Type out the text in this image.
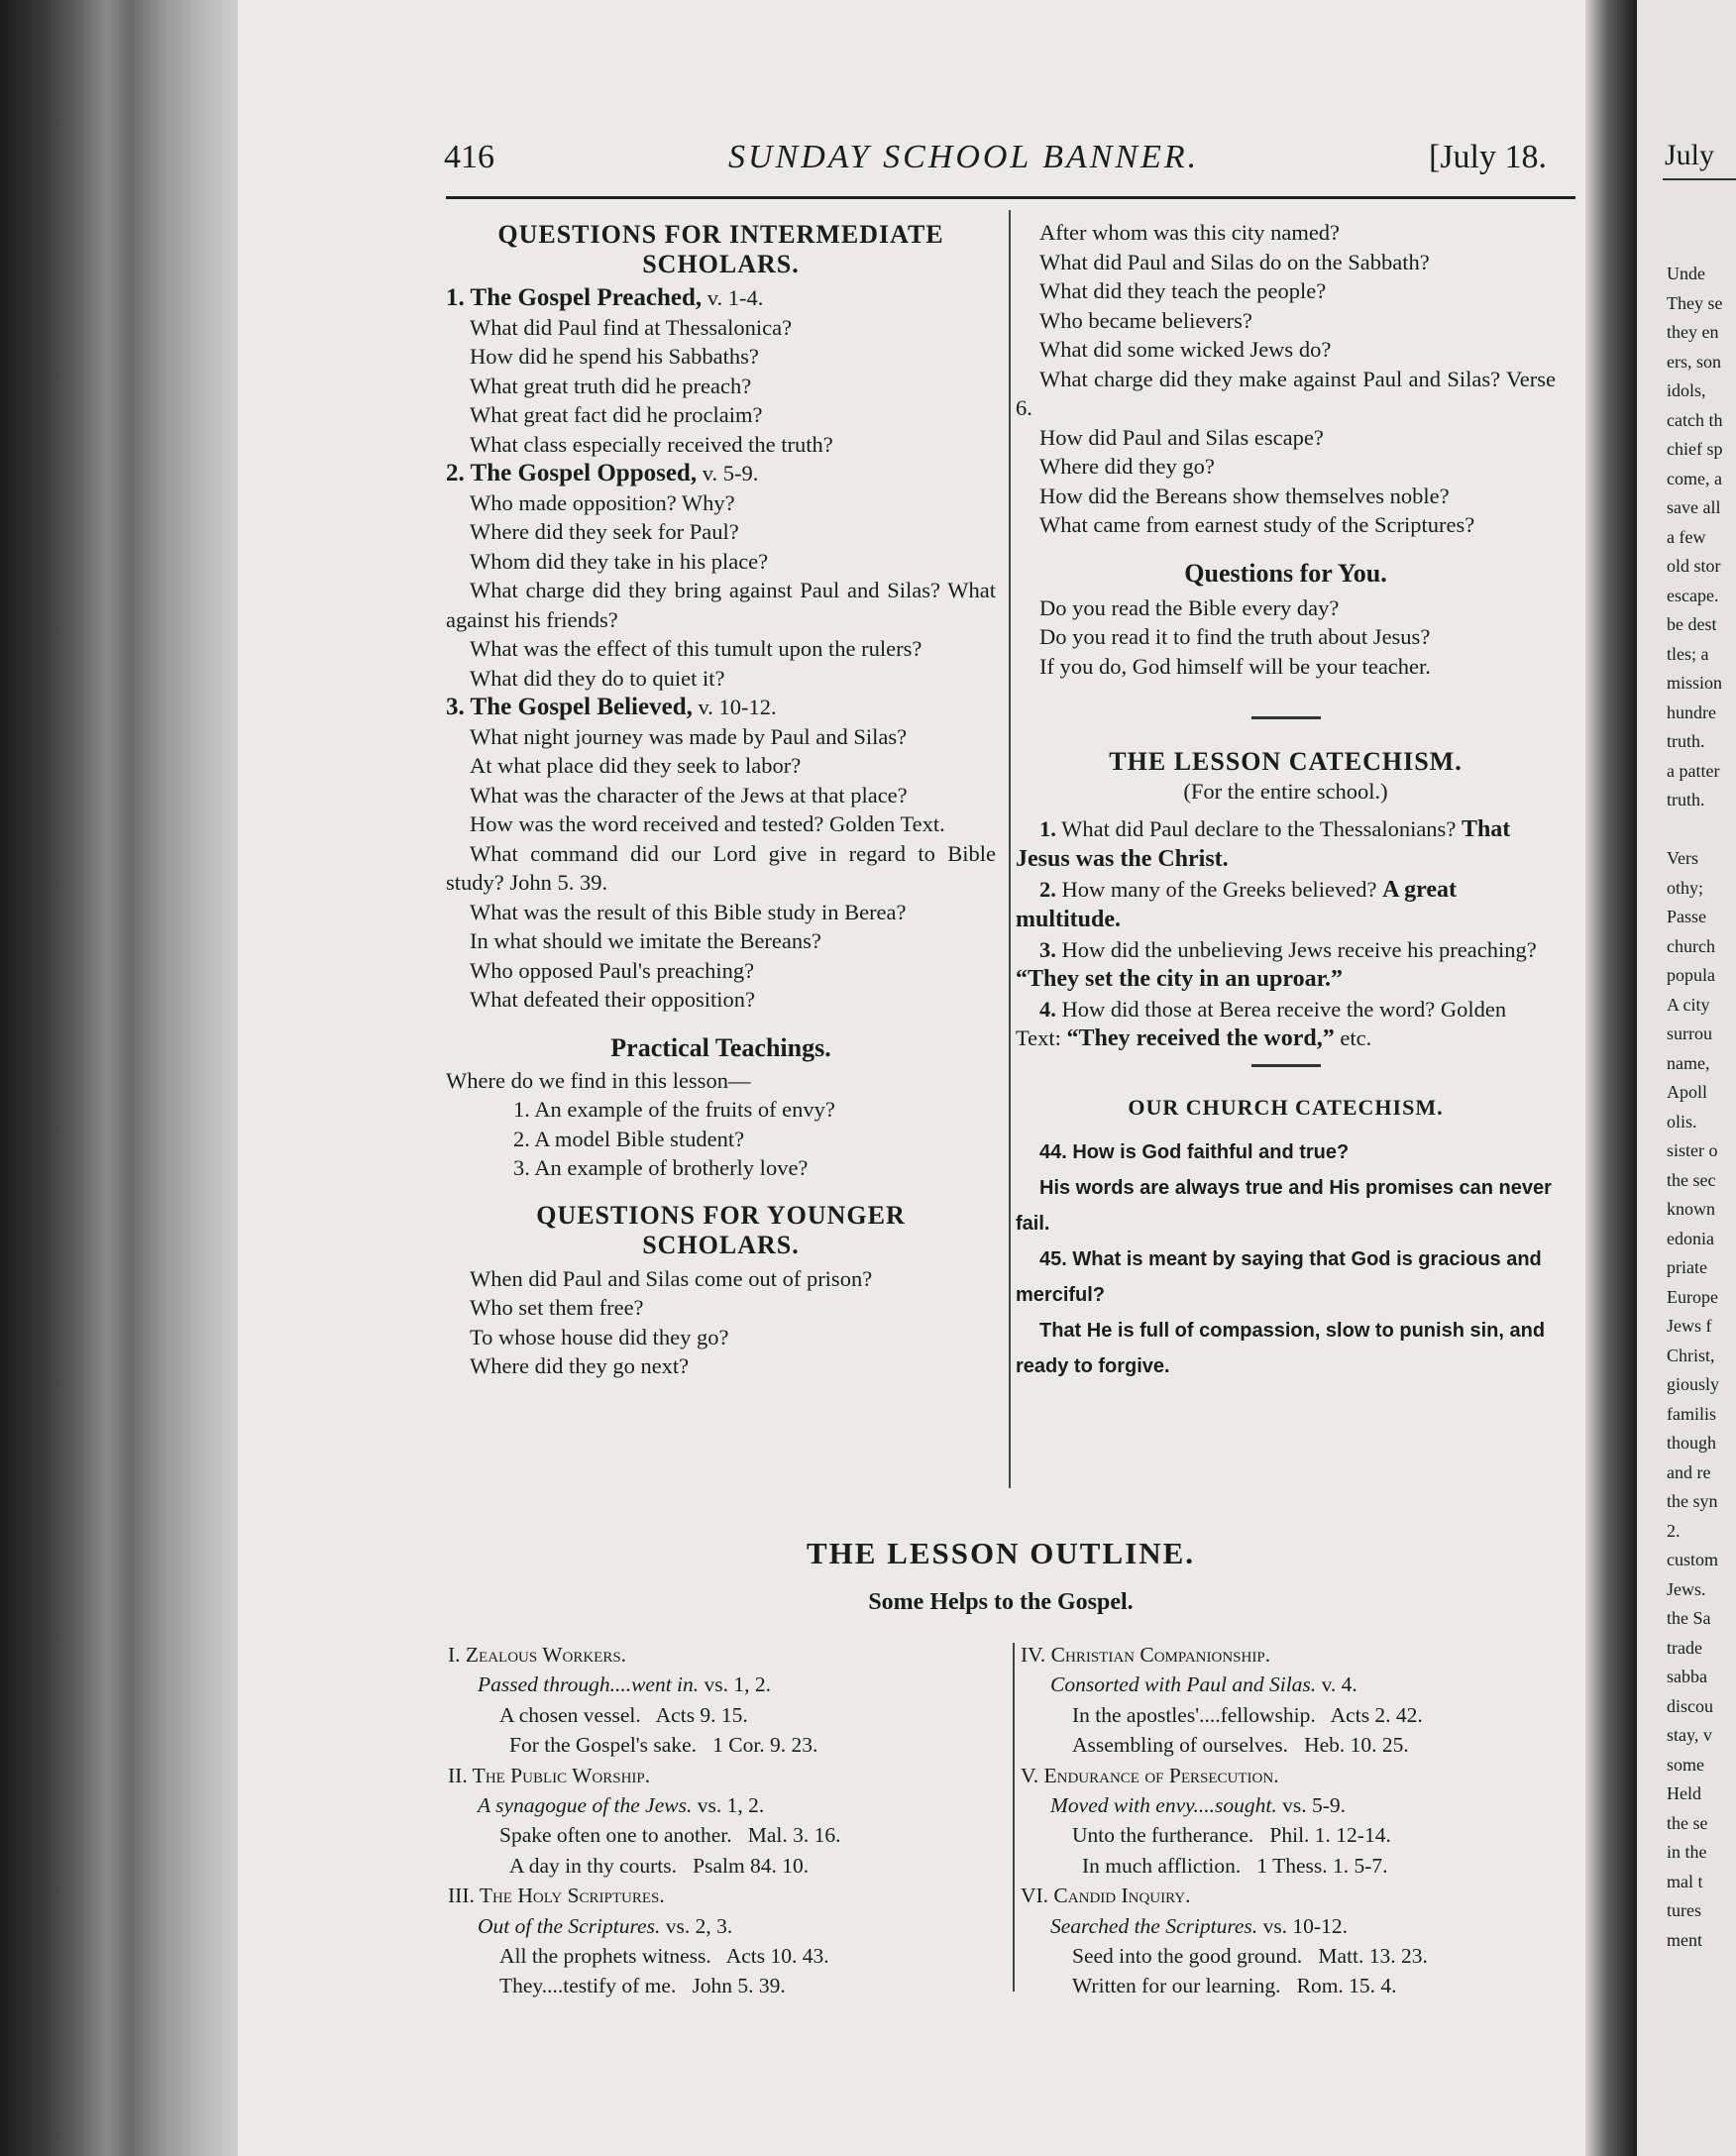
416	SUNDAY SCHOOL BANNER.	[July 18.

QUESTIONS FOR INTERMEDIATE SCHOLARS.

1. The Gospel Preached, v. 1-4.

What did Paul find at Thessalonica?

How did he spend his Sabbaths?

What great truth did he preach?

What great fact did he proclaim?

What class especially received the truth?

2. The Gospel Opposed, v. 5-9.

Who made opposition? Why?

Where did they seek for Paul?

Whom did they take in his place?

What charge did they bring against Paul and Silas? What against his friends?

What was the effect of this tumult upon the rulers?

What did they do to quiet it?

3. The Gospel Believed, v. 10-12.

What night journey was made by Paul and Silas?

At what place did they seek to labor?

What was the character of the Jews at that place?

How was the word received and tested? Golden Text.

What command did our Lord give in regard to Bible study? John 5. 39.

What was the result of this Bible study in Berea?

In what should we imitate the Bereans?

Who opposed Paul's preaching?

What defeated their opposition?

Practical Teachings.

Where do we find in this lesson—

1. An example of the fruits of envy?

2. A model Bible student?

3. An example of brotherly love?

QUESTIONS FOR YOUNGER SCHOLARS.

When did Paul and Silas come out of prison?

Who set them free?

To whose house did they go?

Where did they go next?

After whom was this city named?

What did Paul and Silas do on the Sabbath?

What did they teach the people?

Who became believers?

What did some wicked Jews do?

What charge did they make against Paul and Silas? Verse 6.

How did Paul and Silas escape?

Where did they go?

How did the Bereans show themselves noble?

What came from earnest study of the Scriptures?

Questions for You.

Do you read the Bible every day?

Do you read it to find the truth about Jesus?

If you do, God himself will be your teacher.

THE LESSON CATECHISM.

(For the entire school.)

1. What did Paul declare to the Thessalonians? That Jesus was the Christ.

2. How many of the Greeks believed? A great multitude.

3. How did the unbelieving Jews receive his preaching? “They set the city in an uproar.”

4. How did those at Berea receive the word? Golden Text: “They received the word,” etc.

OUR CHURCH CATECHISM.

44. How is God faithful and true?

His words are always true and His promises can never fail.

45. What is meant by saying that God is gracious and merciful?

That He is full of compassion, slow to punish sin, and ready to forgive.

THE LESSON OUTLINE.
Some Helps to the Gospel.
I. Zealous Workers.
Passed through....went in. vs. 1, 2.
A chosen vessel.   Acts 9. 15.
For the Gospel's sake.   1 Cor. 9. 23.
II. The Public Worship.
A synagogue of the Jews. vs. 1, 2.
Spake often one to another.   Mal. 3. 16.
A day in thy courts.   Psalm 84. 10.
III. The Holy Scriptures.
Out of the Scriptures. vs. 2, 3.
All the prophets witness.   Acts 10. 43.
They....testify of me.   John 5. 39.
IV. Christian Companionship.
Consorted with Paul and Silas. v. 4.
In the apostles'....fellowship.   Acts 2. 42.
Assembling of ourselves.   Heb. 10. 25.
V. Endurance of Persecution.
Moved with envy....sought. vs. 5-9.
Unto the furtherance.   Phil. 1. 12-14.
In much affliction.   1 Thess. 1. 5-7.
VI. Candid Inquiry.
Searched the Scriptures. vs. 10-12.
Seed into the good ground.   Matt. 13. 23.
Written for our learning.   Rom. 15. 4.
July
Unde
They se
they en
ers, son
idols,
catch th
chief sp
come, a
save all
a few
old stor
escape.
be dest
tles; a
mission
hundre
truth.
a patter
truth.
Vers
othy;
Passe
church
popula
A city
surrou
name,
Apoll
olis.
sister o
the sec
known
edonia
priate
Europe
Jews f
Christ,
giously
familis
though
and re
the syn
2.
custom
Jews.
the Sa
trade
sabba
discou
stay, v
some
Held
the se
in the
mal t
tures
ment
